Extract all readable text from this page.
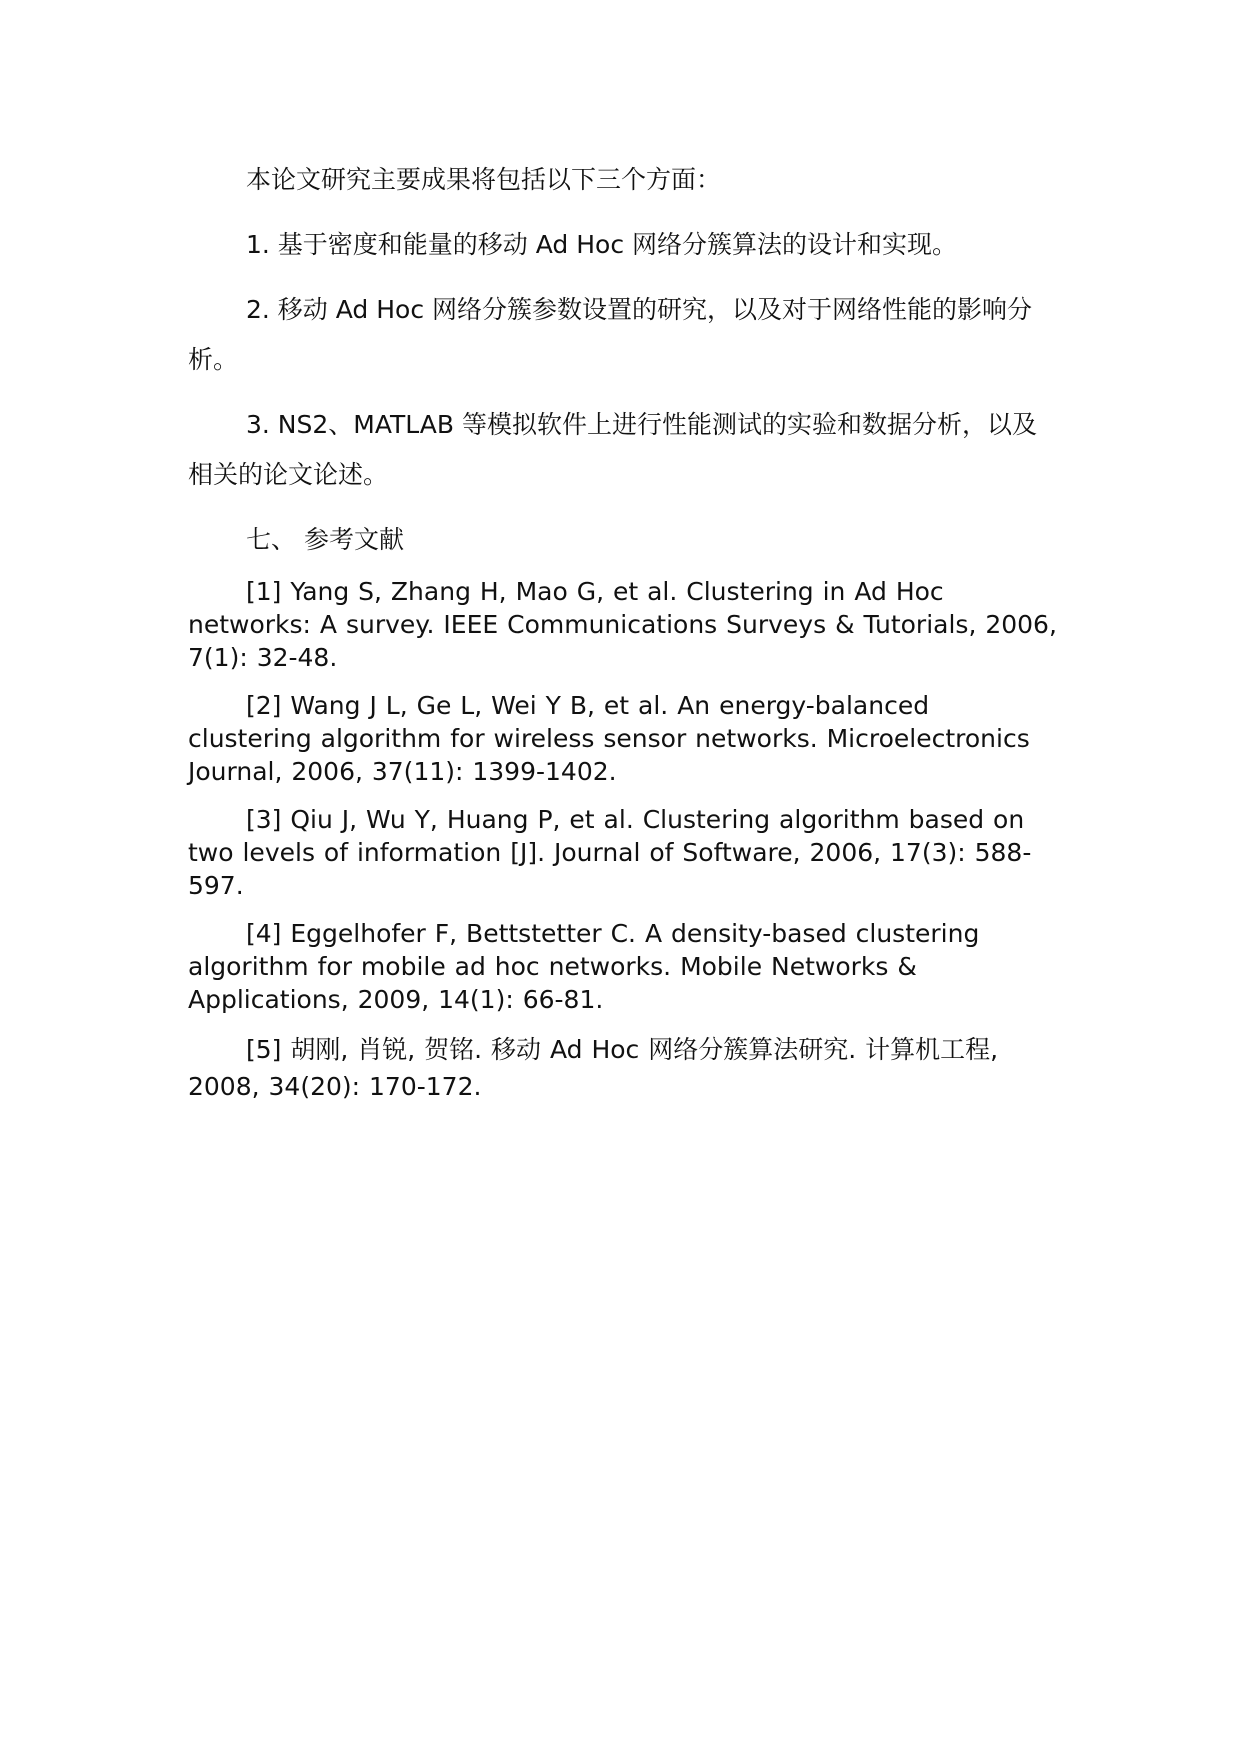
本论文研究主要成果将包括以下三个方面：

1. 基于密度和能量的移动 Ad Hoc 网络分簇算法的设计和实现。

2. 移动 Ad Hoc 网络分簇参数设置的研究，以及对于网络性能的影响分析。

3. NS2、MATLAB 等模拟软件上进行性能测试的实验和数据分析，以及相关的论文论述。

七、 参考文献

[1] Yang S, Zhang H, Mao G, et al. Clustering in Ad Hoc networks: A survey. IEEE Communications Surveys & Tutorials, 2006, 7(1): 32-48.

[2] Wang J L, Ge L, Wei Y B, et al. An energy-balanced clustering algorithm for wireless sensor networks. Microelectronics Journal, 2006, 37(11): 1399-1402.

[3] Qiu J, Wu Y, Huang P, et al. Clustering algorithm based on two levels of information [J]. Journal of Software, 2006, 17(3): 588-597.

[4] Eggelhofer F, Bettstetter C. A density-based clustering algorithm for mobile ad hoc networks. Mobile Networks & Applications, 2009, 14(1): 66-81.

[5] 胡刚, 肖锐, 贺铭. 移动 Ad Hoc 网络分簇算法研究. 计算机工程, 2008, 34(20): 170-172.
